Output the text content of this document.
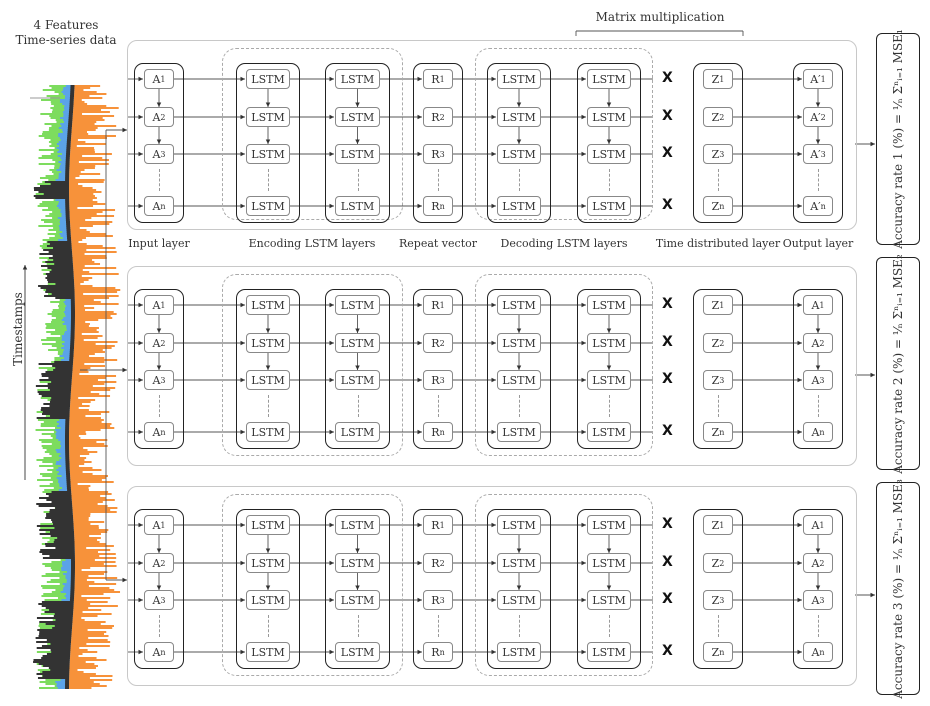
4 Features
Time-series data
Timestamps
Matrix multiplication
A 1
A 2
A 3
A n
LSTM
LSTM
LSTM
LSTM
LSTM
LSTM
LSTM
LSTM
R 1
R 2
R 3
R n
LSTM
LSTM
LSTM
LSTM
LSTM
LSTM
LSTM
LSTM
Z 1
Z 2
Z 3
Z n
A′ 1
A′ 2
A′ 3
A′ n
X
X
X
X
Input layer	Encoding LSTM layers Repeat vector Decoding LSTM layers	Time distributed layer Output layer	Accuracy rate 1 (%) = ¹⁄ₙ Σⁿᵢ₌₁ MSE₁
A 1
A 2
A 3
A n
LSTM
LSTM
LSTM
LSTM
LSTM
LSTM
LSTM
LSTM
R 1
R 2
R 3
R n
LSTM
LSTM
LSTM
LSTM
LSTM
LSTM
LSTM
LSTM
Z 1
Z 2
Z 3
Z n
A 1
A 2
A 3
A n
X
X
X
X	Accuracy rate 2 (%) = ¹⁄ₙ Σⁿᵢ₌₁ MSE₂
A 1
A 2
A 3
A n
LSTM
LSTM
LSTM
LSTM
LSTM
LSTM
LSTM
LSTM
R 1
R 2
R 3
R n
LSTM
LSTM
LSTM
LSTM
LSTM
LSTM
LSTM
LSTM
Z 1
Z 2
Z 3
Z n
A 1
A 2
A 3
A n
X
X
X
X	Accuracy rate 3 (%) = ¹⁄ₙ Σⁿᵢ₌₁ MSE₃
